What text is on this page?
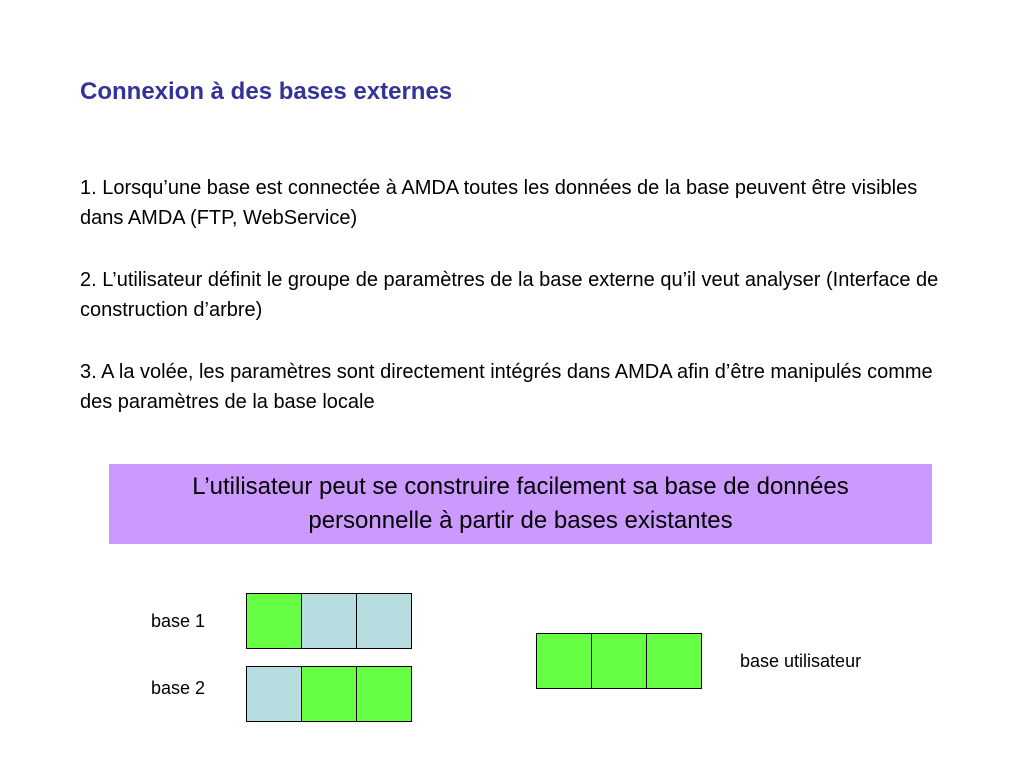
Connexion à des bases externes
1. Lorsqu’une base est connectée à AMDA toutes les données de la base peuvent être visibles dans AMDA (FTP, WebService)
2. L’utilisateur définit le groupe de paramètres de la base externe qu’il veut analyser (Interface de construction d’arbre)
3. A la volée, les paramètres sont directement intégrés dans AMDA afin d’être manipulés comme des paramètres de la base locale
L’utilisateur peut se construire facilement sa base de données
personnelle à partir de bases existantes
base 1
base 2
base utilisateur
